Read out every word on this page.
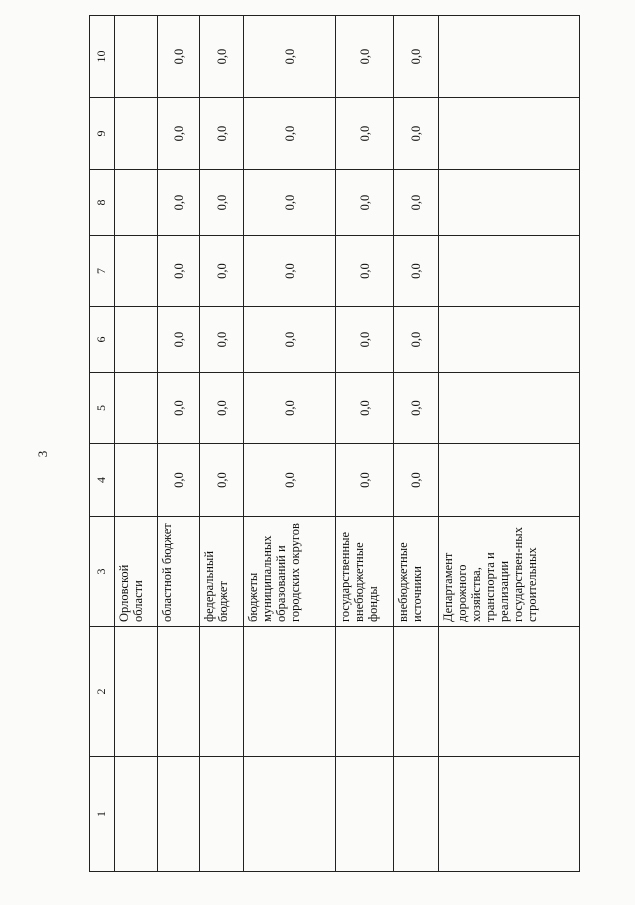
3
1	2	3	4	5	6	7	8	9	10
		Орловской области							
		областной бюджет	0,0	0,0	0,0	0,0	0,0	0,0	0,0
		федеральный бюджет	0,0	0,0	0,0	0,0	0,0	0,0	0,0
		бюджеты муниципальных образований и городских округов	0,0	0,0	0,0	0,0	0,0	0,0	0,0
		государственные внебюджетные фонды	0,0	0,0	0,0	0,0	0,0	0,0	0,0
		внебюджетные источники	0,0	0,0	0,0	0,0	0,0	0,0	0,0
		Департамент дорожного хозяйства, транспорта и реализации государствен-ных строительных							
